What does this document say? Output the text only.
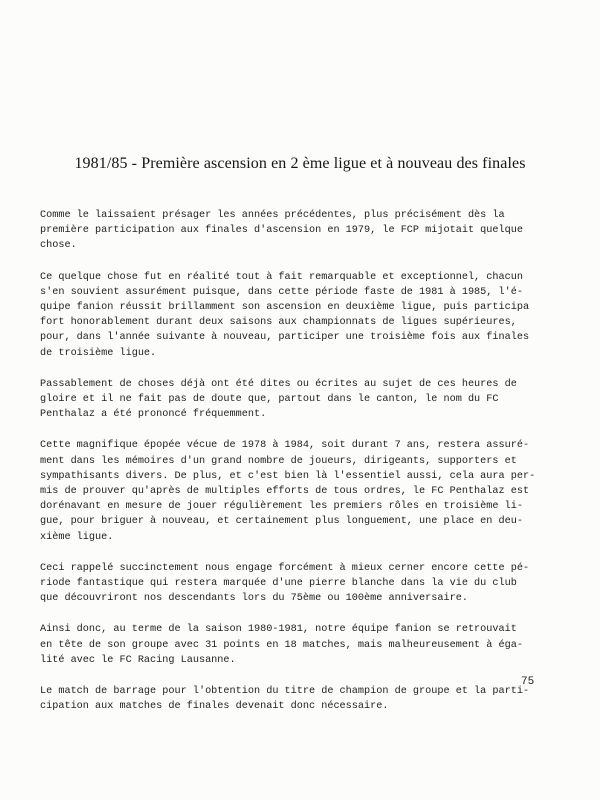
1981/85 - Première ascension en 2 ème ligue et à nouveau des finales

Comme le laissaient présager les années précédentes, plus précisément dès la
première participation aux finales d'ascension en 1979, le FCP mijotait quelque
chose.

Ce quelque chose fut en réalité tout à fait remarquable et exceptionnel, chacun
s'en souvient assurément puisque, dans cette période faste de 1981 à 1985, l'é-
quipe fanion réussit brillamment son ascension en deuxième ligue, puis participa
fort honorablement durant deux saisons aux championnats de ligues supérieures,
pour, dans l'année suivante à nouveau, participer une troisième fois aux finales
de troisième ligue.

Passablement de choses déjà ont été dites ou écrites au sujet de ces heures de
gloire et il ne fait pas de doute que, partout dans le canton, le nom du FC
Penthalaz a été prononcé fréquemment.

Cette magnifique épopée vécue de 1978 à 1984, soit durant 7 ans, restera assuré-
ment dans les mémoires d'un grand nombre de joueurs, dirigeants, supporters et
sympathisants divers. De plus, et c'est bien là l'essentiel aussi, cela aura per-
mis de prouver qu'après de multiples efforts de tous ordres, le FC Penthalaz est
dorénavant en mesure de jouer régulièrement les premiers rôles en troisième li-
gue, pour briguer à nouveau, et certainement plus longuement, une place en deu-
xième ligue.

Ceci rappelé succinctement nous engage forcément à mieux cerner encore cette pé-
riode fantastique qui restera marquée d'une pierre blanche dans la vie du club
que découvriront nos descendants lors du 75ème ou 100ème anniversaire.

Ainsi donc, au terme de la saison 1980-1981, notre équipe fanion se retrouvait
en tête de son groupe avec 31 points en 18 matches, mais malheureusement à éga-
lité avec le FC Racing Lausanne.

Le match de barrage pour l'obtention du titre de champion de groupe et la parti-
cipation aux matches de finales devenait donc nécessaire.

75
